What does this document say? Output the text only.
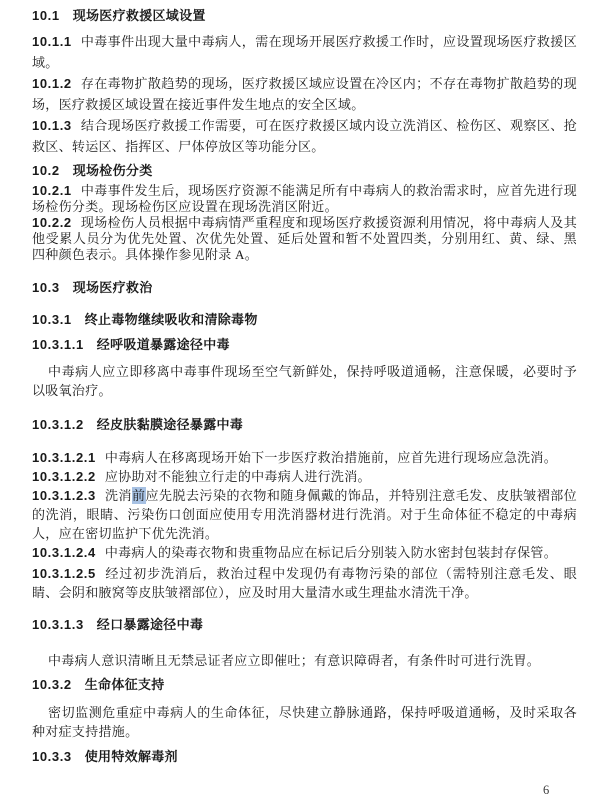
10.1 现场医疗救援区域设置
10.1.1 中毒事件出现大量中毒病人，需在现场开展医疗救援工作时，应设置现场医疗救援区域。
10.1.2 存在毒物扩散趋势的现场，医疗救援区域应设置在冷区内；不存在毒物扩散趋势的现场，医疗救援区域设置在接近事件发生地点的安全区域。
10.1.3 结合现场医疗救援工作需要，可在医疗救援区域内设立洗消区、检伤区、观察区、抢救区、转运区、指挥区、尸体停放区等功能分区。
10.2 现场检伤分类
10.2.1 中毒事件发生后，现场医疗资源不能满足所有中毒病人的救治需求时，应首先进行现场检伤分类。现场检伤区应设置在现场洗消区附近。
10.2.2 现场检伤人员根据中毒病情严重程度和现场医疗救援资源利用情况，将中毒病人及其他受累人员分为优先处置、次优先处置、延后处置和暂不处置四类，分别用红、黄、绿、黑四种颜色表示。具体操作参见附录 A。
10.3 现场医疗救治
10.3.1 终止毒物继续吸收和清除毒物
10.3.1.1 经呼吸道暴露途径中毒
中毒病人应立即移离中毒事件现场至空气新鲜处，保持呼吸道通畅，注意保暖，必要时予以吸氧治疗。
10.3.1.2 经皮肤黏膜途径暴露中毒
10.3.1.2.1 中毒病人在移离现场开始下一步医疗救治措施前，应首先进行现场应急洗消。
10.3.1.2.2 应协助对不能独立行走的中毒病人进行洗消。
10.3.1.2.3 洗消前应先脱去污染的衣物和随身佩戴的饰品，并特别注意毛发、皮肤皱褶部位的洗消，眼睛、污染伤口创面应使用专用洗消器材进行洗消。对于生命体征不稳定的中毒病人，应在密切监护下优先洗消。
10.3.1.2.4 中毒病人的染毒衣物和贵重物品应在标记后分别装入防水密封包装封存保管。
10.3.1.2.5 经过初步洗消后，救治过程中发现仍有毒物污染的部位（需特别注意毛发、眼睛、会阴和腋窝等皮肤皱褶部位），应及时用大量清水或生理盐水清洗干净。
10.3.1.3 经口暴露途径中毒
中毒病人意识清晰且无禁忌证者应立即催吐；有意识障碍者，有条件时可进行洗胃。
10.3.2 生命体征支持
密切监测危重症中毒病人的生命体征，尽快建立静脉通路，保持呼吸道通畅，及时采取各种对症支持措施。
10.3.3 使用特效解毒剂
6
